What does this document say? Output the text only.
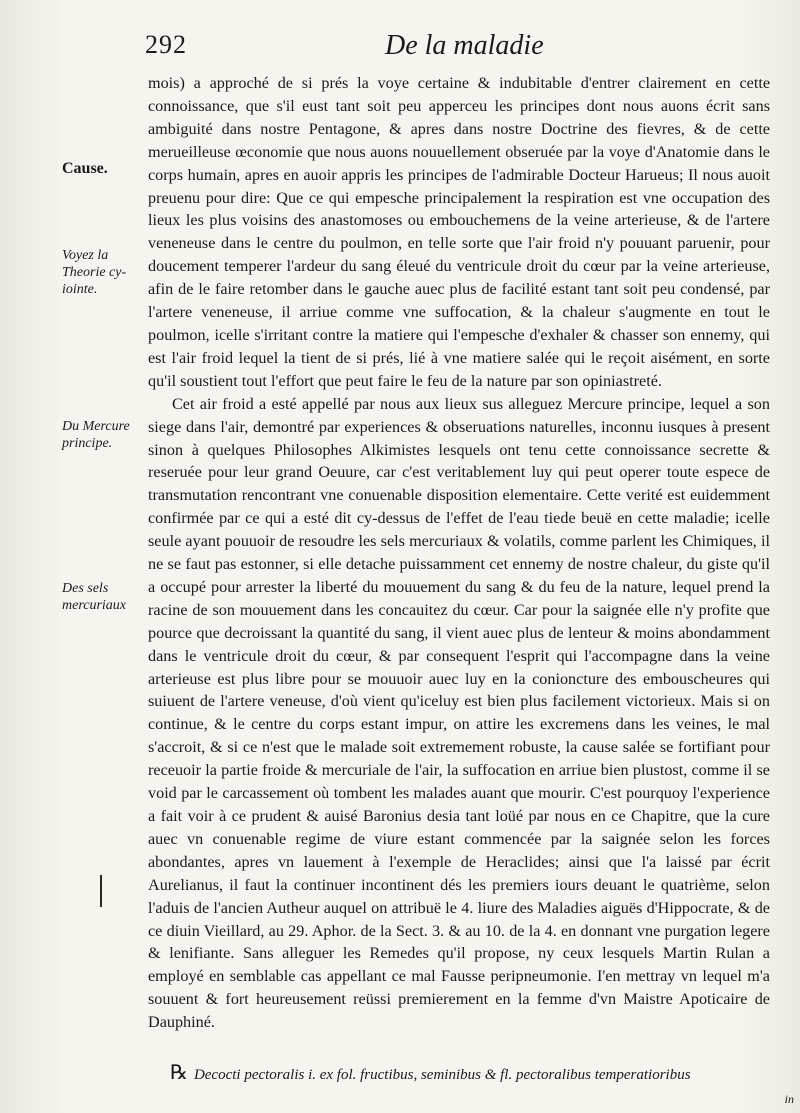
292	De la maladie
Cause.
Voyez la Theorie cy-iointe.
Du Mercure principe.
Des sels mercuriaux

mois) a approché de si prés la voye certaine & indubitable d'entrer clairement en cette connoissance, que s'il eust tant soit peu apperceu les principes dont nous auons écrit sans ambiguité dans nostre Pentagone, & apres dans nostre Doctrine des fievres, & de cette merueilleuse œconomie que nous auons nouuellement obseruée par la voye d'Anatomie dans le corps humain, apres en auoir appris les principes de l'admirable Docteur Harueus; Il nous auoit preuenu pour dire: Que ce qui empesche principalement la respiration est vne occupation des lieux les plus voisins des anastomoses ou embouchemens de la veine arterieuse, & de l'artere veneneuse dans le centre du poulmon, en telle sorte que l'air froid n'y pouuant paruenir, pour doucement temperer l'ardeur du sang éleué du ventricule droit du cœur par la veine arterieuse, afin de le faire retomber dans le gauche auec plus de facilité estant tant soit peu condensé, par l'artere veneneuse, il arriue comme vne suffocation, & la chaleur s'augmente en tout le poulmon, icelle s'irritant contre la matiere qui l'empesche d'exhaler & chasser son ennemy, qui est l'air froid lequel la tient de si prés, lié à vne matiere salée qui le reçoit aisément, en sorte qu'il soustient tout l'effort que peut faire le feu de la nature par son opiniastreté.

Cet air froid a esté appellé par nous aux lieux sus alleguez Mercure principe, lequel a son siege dans l'air, demontré par experiences & obseruations naturelles, inconnu iusques à present sinon à quelques Philosophes Alkimistes lesquels ont tenu cette connoissance secrette & reseruée pour leur grand Oeuure, car c'est veritablement luy qui peut operer toute espece de transmutation rencontrant vne conuenable disposition elementaire. Cette verité est euidemment confirmée par ce qui a esté dit cy-dessus de l'effet de l'eau tiede beuë en cette maladie; icelle seule ayant pouuoir de resoudre les sels mercuriaux & volatils, comme parlent les Chimiques, il ne se faut pas estonner, si elle detache puissamment cet ennemy de nostre chaleur, du giste qu'il a occupé pour arrester la liberté du mouuement du sang & du feu de la nature, lequel prend la racine de son mouuement dans les concauitez du cœur. Car pour la saignée elle n'y profite que pource que decroissant la quantité du sang, il vient auec plus de lenteur & moins abondamment dans le ventricule droit du cœur, & par consequent l'esprit qui l'accompagne dans la veine arterieuse est plus libre pour se mouuoir auec luy en la conioncture des embouscheures qui suiuent de l'artere veneuse, d'où vient qu'iceluy est bien plus facilement victorieux. Mais si on continue, & le centre du corps estant impur, on attire les excremens dans les veines, le mal s'accroit, & si ce n'est que le malade soit extremement robuste, la cause salée se fortifiant pour receuoir la partie froide & mercuriale de l'air, la suffocation en arriue bien plustost, comme il se void par le carcassement où tombent les malades auant que mourir. C'est pourquoy l'experience a fait voir à ce prudent & auisé Baronius desia tant loüé par nous en ce Chapitre, que la cure auec vn conuenable regime de viure estant commencée par la saignée selon les forces abondantes, apres vn lauement à l'exemple de Heraclides; ainsi que l'a laissé par écrit Aurelianus, il faut la continuer incontinent dés les premiers iours deuant le quatrième, selon l'aduis de l'ancien Autheur auquel on attribuë le 4. liure des Maladies aiguës d'Hippocrate, & de ce diuin Vieillard, au 29. Aphor. de la Sect. 3. & au 10. de la 4. en donnant vne purgation legere & lenifiante. Sans alleguer les Remedes qu'il propose, ny ceux lesquels Martin Rulan a employé en semblable cas appellant ce mal Fausse peripneumonie. I'en mettray vn lequel m'a souuent & fort heureusement reüssi premierement en la femme d'vn Maistre Apoticaire de Dauphiné.

℞ Decocti pectoralis i. ex fol. fructibus, seminibus & fl. pectoralibus temperatioribus
in
